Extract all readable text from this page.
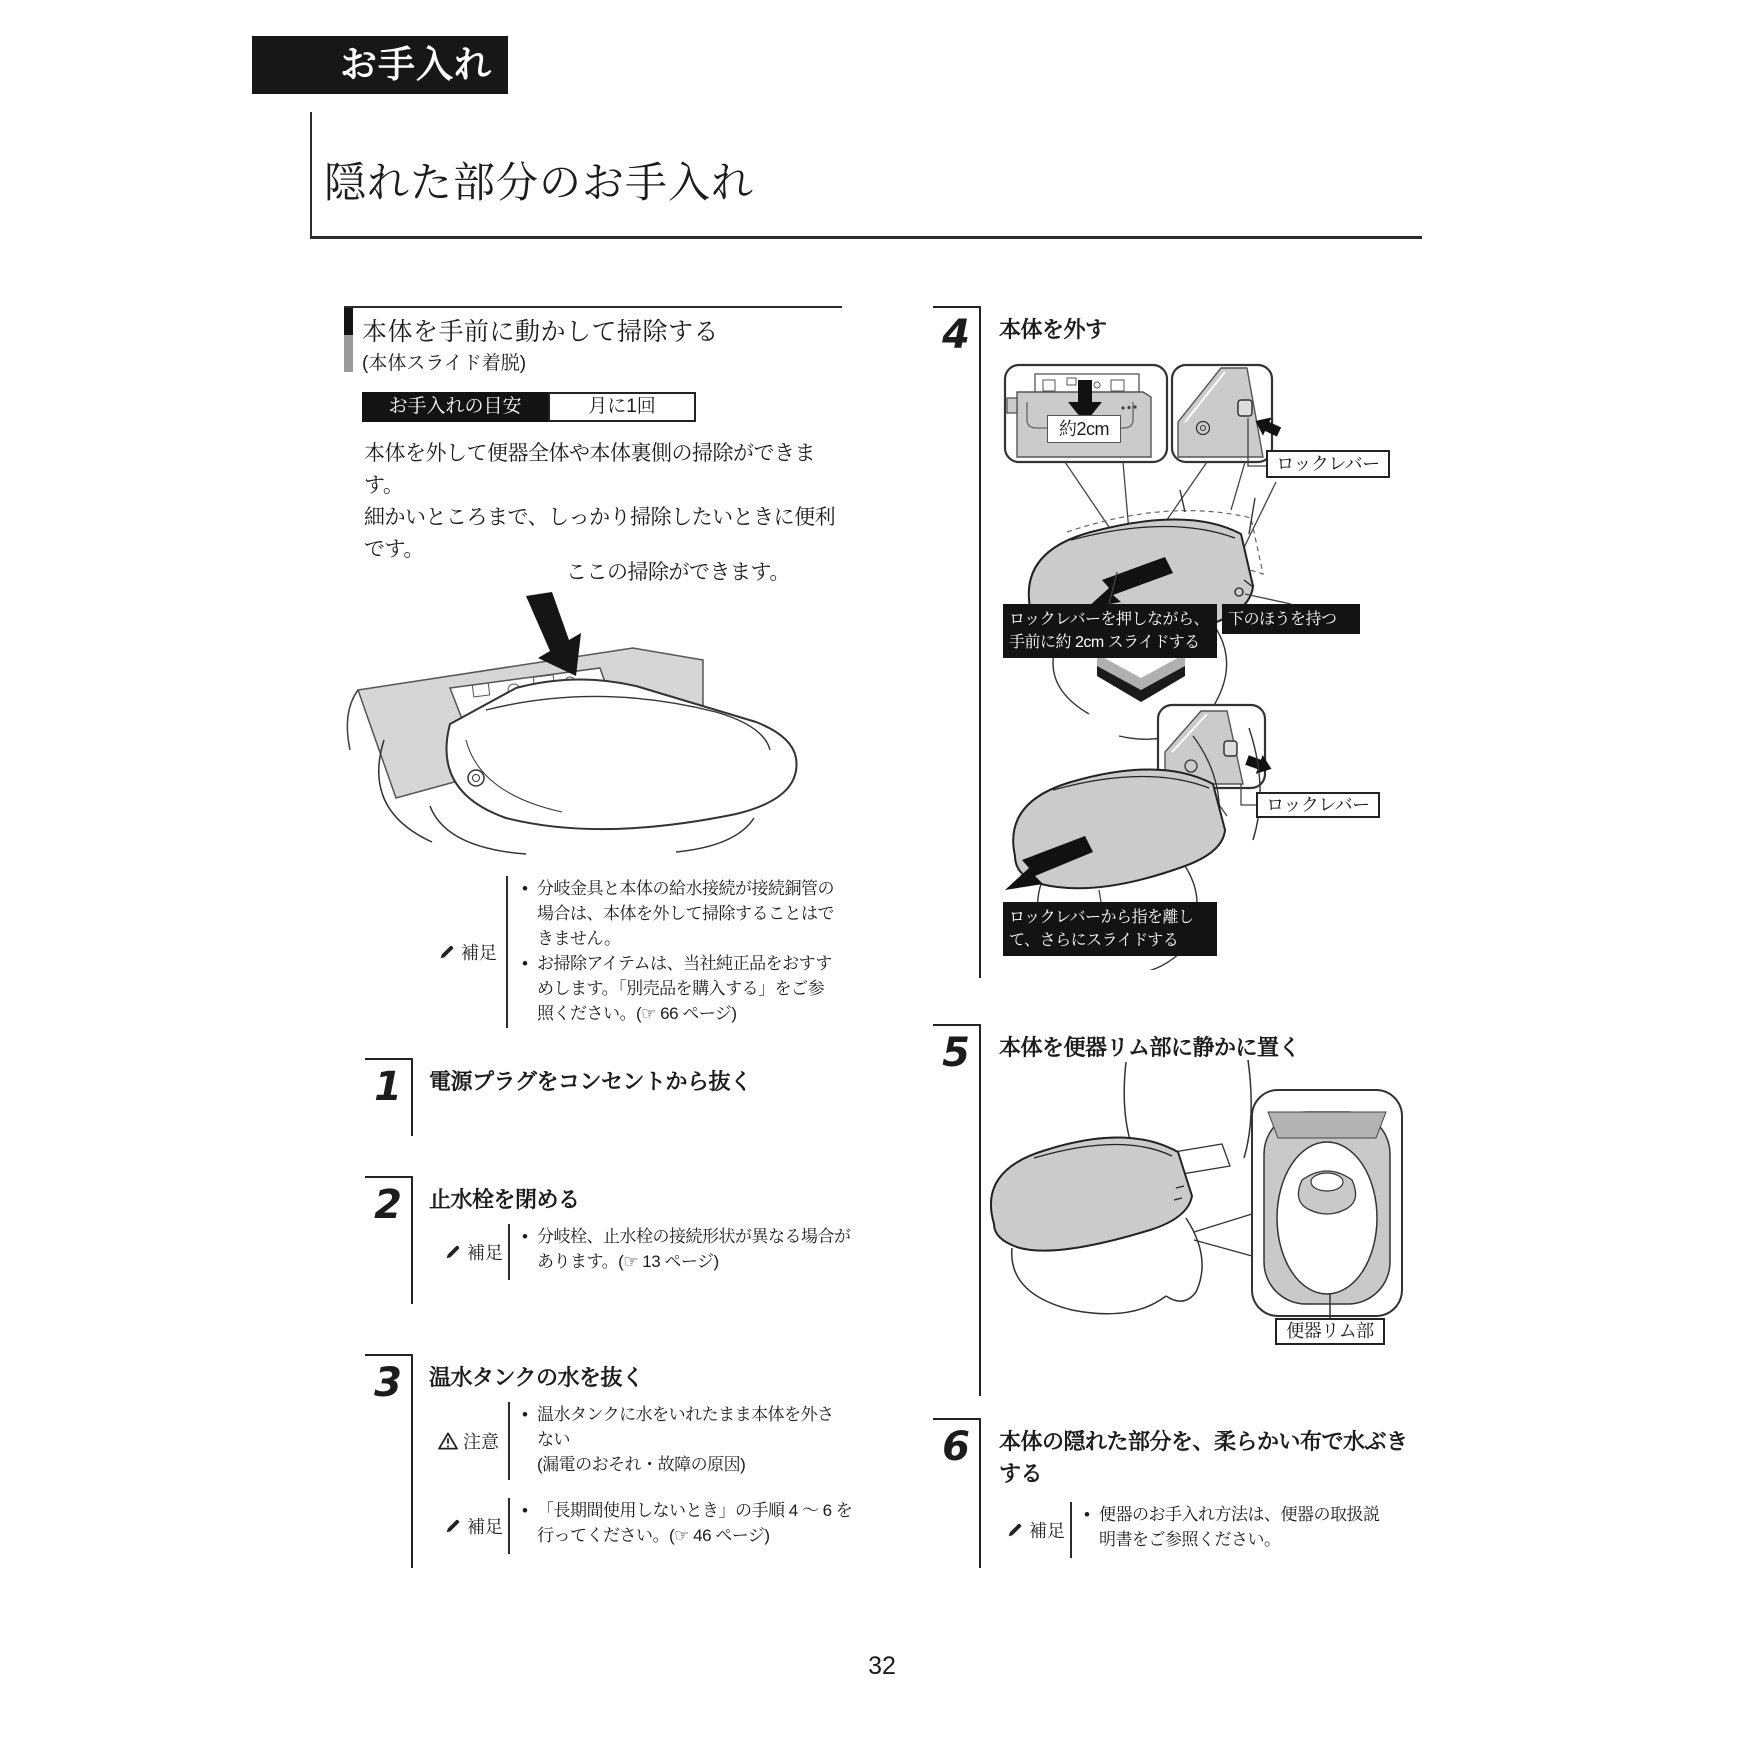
お手入れ
隠れた部分のお手入れ
本体を手前に動かして掃除する
(本体スライド着脱)
お手入れの目安	月に1回
本体を外して便器全体や本体裏側の掃除ができます。
細かいところまで、しっかり掃除したいときに便利です。
ここの掃除ができます。
補足
• 分岐金具と本体の給水接続が接続銅管の場合は、本体を外して掃除することはできません。
• お掃除アイテムは、当社純正品をおすすめします。「別売品を購入する」をご参照ください。(☞ 66 ページ)
1	電源プラグをコンセントから抜く
2	止水栓を閉める
補足
• 分岐栓、止水栓の接続形状が異なる場合があります。(☞ 13 ページ)
3	温水タンクの水を抜く
注意
• 温水タンクに水をいれたまま本体を外さない
(漏電のおそれ・故障の原因)
補足
• 「長期間使用しないとき」の手順 4 ～ 6 を行ってください。(☞ 46 ページ)
4	本体を外す
約2cm
ロックレバー
ロックレバーを押しながら、
手前に約 2cm スライドする
下のほうを持つ
ロックレバー
ロックレバーから指を離し
て、さらにスライドする
5	本体を便器リム部に静かに置く
便器リム部
6	本体の隠れた部分を、柔らかい布で水ぶきする
補足
• 便器のお手入れ方法は、便器の取扱説明書をご参照ください。
32
